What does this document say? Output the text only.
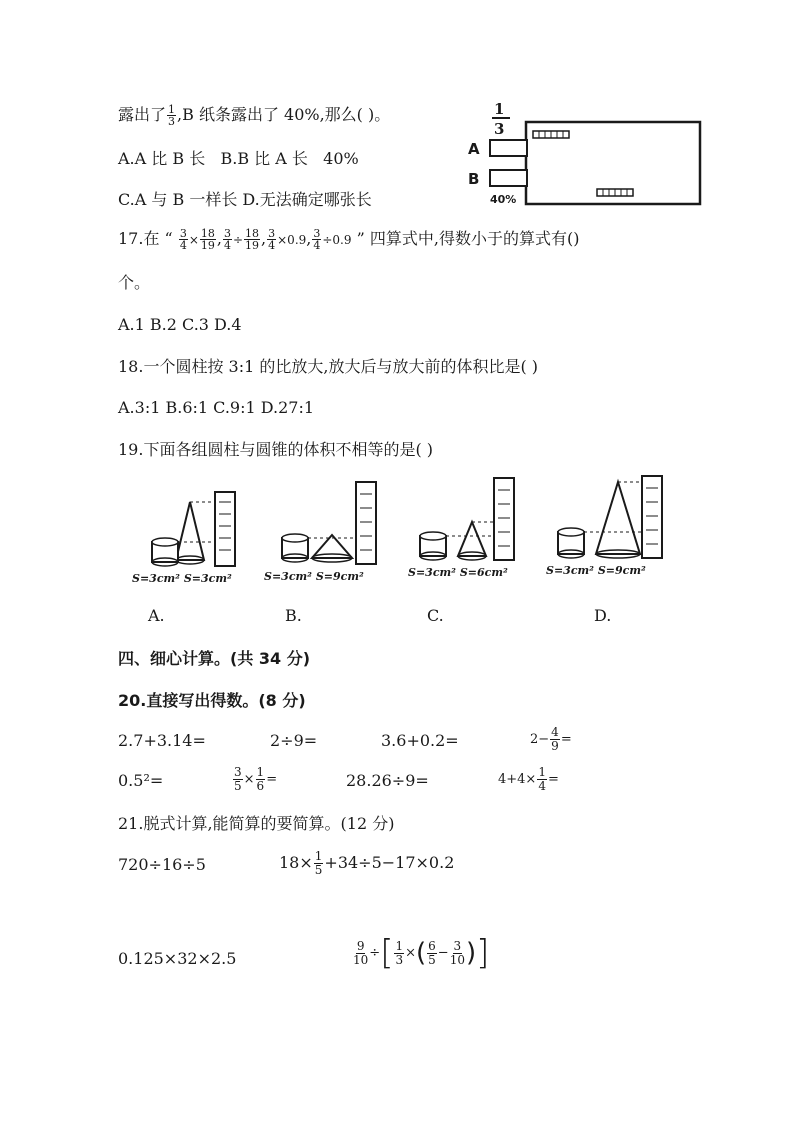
露出了 $\frac{1}{3} ,B$ 纸条露出了 40%,那么( )。
A.A 比 B 长 B.B 比 A 长 40%
C.A 与 B 一样长 D.无法确定哪张长
1
3
A
B
40%
17.在 “ $\frac{3}{4} \times \frac{18}{19}$ , $\frac{3}{4} \div \frac{18}{19}$ , $\frac{3}{4} \times 0.9$, $\frac{3}{4} \div 0.9$ ” 四算式中,得数小于的算式有()
个。
A.1 B.2 C.3 D.4
18.一个圆柱按 3:1 的比放大,放大后与放大前的体积比是( )
A.3:1 B.6:1 C.9:1 D.27:1
19.下面各组圆柱与圆锥的体积不相等的是( )
S=3cm² S=3cm²
A.
S=3cm² S=9cm²
B.
S=3cm² S=6cm²
C.
S=3cm² S=9cm²
D.
四、细心计算。(共 34 分)
20.直接写出得数。(8 分)
2.7+3.14=	2÷9=	3.6+0.2=	$2- \frac{4}{9}$ =
0.5²=	$\frac{3}{5} \times \frac{1}{6}$ =	28.26÷9=	$4+4\times \frac{1}{4}$ =
21.脱式计算,能简算的要简算。(12 分)
720÷16÷5	$18\times \frac{1}{5} +34\div 5-17\times 0.2$
0.125×32×2.5	$\frac{9}{10}$ ÷[ $\frac{1}{3}$ ×( $\frac{6}{5} - \frac{3}{10}$ )]
